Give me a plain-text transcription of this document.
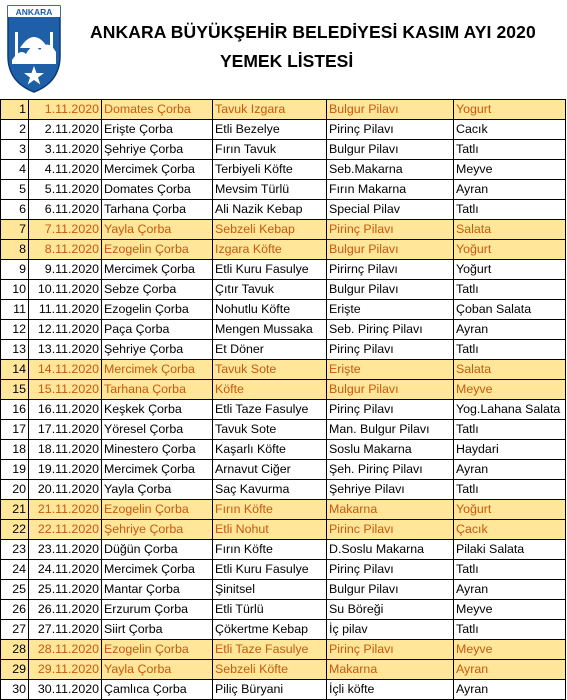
ANKARA
ANKARA BÜYÜKŞEHİR BELEDİYESİ KASIM AYI 2020
YEMEK LİSTESİ
1	1.11.2020	Domates Çorba	Tavuk Izgara	Bulgur Pilavı	Yogurt
2	2.11.2020	Erişte Çorba	Etli Bezelye	Pirinç Pilavı	Cacık
3	3.11.2020	Şehriye Çorba	Fırın Tavuk	Bulgur Pilavı	Tatlı
4	4.11.2020	Mercimek Çorba	Terbiyeli Köfte	Seb.Makarna	Meyve
5	5.11.2020	Domates Çorba	Mevsim Türlü	Fırın Makarna	Ayran
6	6.11.2020	Tarhana Çorba	Ali Nazik Kebap	Special Pilav	Tatlı
7	7.11.2020	Yayla Çorba	Sebzeli Kebap	Pirinç Pilavı	Salata
8	8.11.2020	Ezogelin Çorba	Izgara Köfte	Bulgur Pilavı	Yoğurt
9	9.11.2020	Mercimek Çorba	Etli Kuru Fasulye	Pirirnç Pilavı	Yoğurt
10	10.11.2020	Sebze Çorba	Çıtır Tavuk	Bulgur Pilavı	Tatlı
11	11.11.2020	Ezogelin Çorba	Nohutlu Köfte	Erişte	Çoban Salata
12	12.11.2020	Paça Çorba	Mengen Mussaka	Seb. Pirinç Pilavı	Ayran
13	13.11.2020	Şehriye Çorba	Et Döner	Pirinç Pilavı	Tatlı
14	14.11.2020	Mercimek Çorba	Tavuk Sote	Erişte	Salata
15	15.11.2020	Tarhana Çorba	Köfte	Bulgur Pilavı	Meyve
16	16.11.2020	Keşkek Çorba	Etli Taze Fasulye	Pirinç Pilavı	Yog.Lahana Salata
17	17.11.2020	Yöresel Çorba	Tavuk Sote	Man. Bulgur Pilavı	Tatlı
18	18.11.2020	Minestero Çorba	Kaşarlı Köfte	Soslu Makarna	Haydari
19	19.11.2020	Mercimek Çorba	Arnavut Ciğer	Şeh. Pirinç Pilavı	Ayran
20	20.11.2020	Yayla Çorba	Saç Kavurma	Şehriye Pilavı	Tatlı
21	21.11.2020	Ezogelin Çorba	Fırın Köfte	Makarna	Yoğurt
22	22.11.2020	Şehriye Çorba	Etli Nohut	Pirinc Pilavı	Çacık
23	23.11.2020	Düğün Çorba	Fırın Köfte	D.Soslu Makarna	Pilaki Salata
24	24.11.2020	Mercimek Çorba	Etli Kuru Fasulye	Pirinç Pilavı	Tatlı
25	25.11.2020	Mantar Çorba	Şinitsel	Bulgur Pilavı	Ayran
26	26.11.2020	Erzurum Çorba	Etli Türlü	Su Böreği	Meyve
27	27.11.2020	Siirt Çorba	Çökertme Kebap	İç pilav	Tatlı
28	28.11.2020	Ezogelin Çorba	Etli Taze Fasulye	Pirinç Pilavı	Meyve
29	29.11.2020	Yayla Çorba	Sebzeli Köfte	Makarna	Ayran
30	30.11.2020	Çamlıca Çorba	Piliç Büryani	İçli köfte	Ayran
